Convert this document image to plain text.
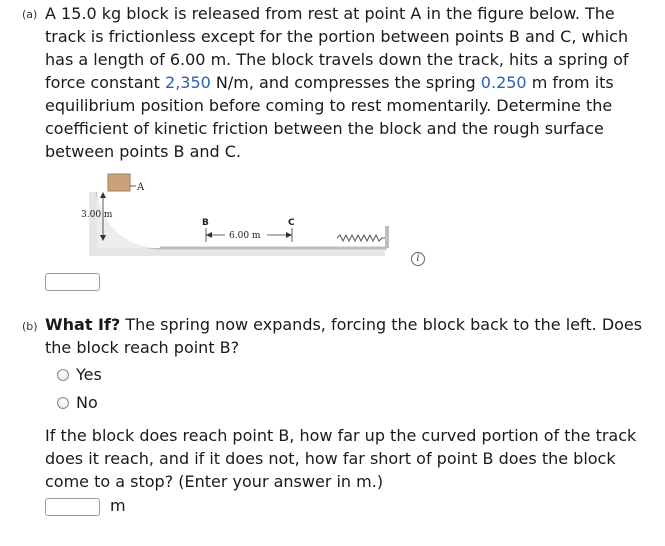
(a) A 15.0 kg block is released from rest at point A in the figure below. The track is frictionless except for the portion between points B and C, which has a length of 6.00 m. The block travels down the track, hits a spring of force constant 2,350 N/m, and compresses the spring 0.250 m from its equilibrium position before coming to rest momentarily. Determine the coefficient of kinetic friction between the block and the rough surface between points B and C.
A
3.00 m
B	C
6.00 m
i
(b) What If? The spring now expands, forcing the block back to the left. Does the block reach point B?
Yes
No
If the block does reach point B, how far up the curved portion of the track does it reach, and if it does not, how far short of point B does the block come to a stop? (Enter your answer in m.)
m
